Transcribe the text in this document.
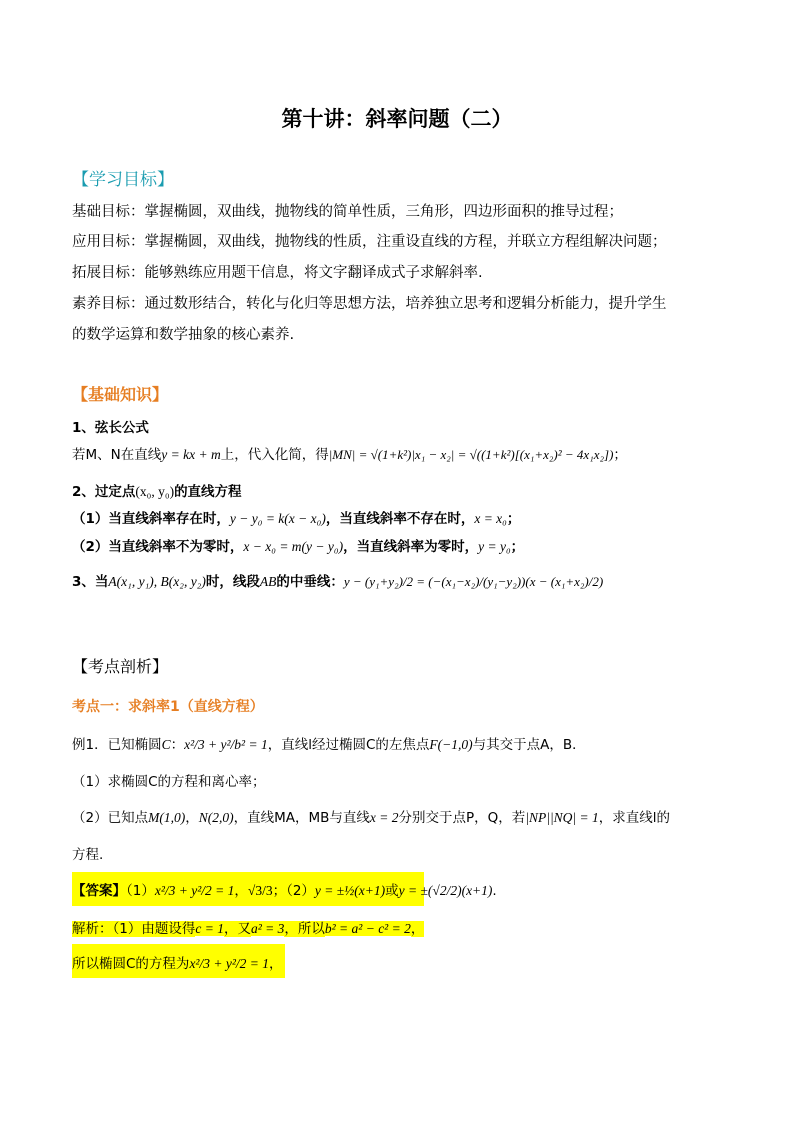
第十讲：斜率问题（二）
【学习目标】
基础目标：掌握椭圆，双曲线，抛物线的简单性质，三角形，四边形面积的推导过程；
应用目标：掌握椭圆，双曲线，抛物线的性质，注重设直线的方程，并联立方程组解决问题；
拓展目标：能够熟练应用题干信息，将文字翻译成式子求解斜率.
素养目标：通过数形结合，转化与化归等思想方法，培养独立思考和逻辑分析能力，提升学生
的数学运算和数学抽象的核心素养.
【基础知识】
1、弦长公式
若M、N在直线y = kx + m上，代入化简，得|MN| = √(1+k²)|x₁ − x₂| = √((1+k²)[(x₁+x₂)² − 4x₁x₂])；
2、过定点(x₀, y₀)的直线方程
（1）当直线斜率存在时，y − y₀ = k(x − x₀)，当直线斜率不存在时，x = x₀；
（2）当直线斜率不为零时，x − x₀ = m(y − y₀)，当直线斜率为零时，y = y₀；
3、当A(x₁, y₁), B(x₂, y₂)时，线段AB的中垂线：y − (y₁+y₂)/2 = (−(x₁−x₂)/(y₁−y₂))(x − (x₁+x₂)/2)
【考点剖析】
考点一：求斜率1（直线方程）
例1．已知椭圆C：x²/3 + y²/b² = 1，直线l经过椭圆C的左焦点F(−1,0)与其交于点A，B．
（1）求椭圆C的方程和离心率；
（2）已知点M(1,0)，N(2,0)，直线MA，MB与直线x = 2分别交于点P，Q，若|NP||NQ| = 1，求直线l的
方程.
【答案】（1）x²/3 + y²/2 = 1，√3/3；（2）y = ±½(x+1)或y = ±(√2/2)(x+1).
解析：（1）由题设得c = 1，又a² = 3，所以b² = a² − c² = 2，
所以椭圆C的方程为x²/3 + y²/2 = 1，
